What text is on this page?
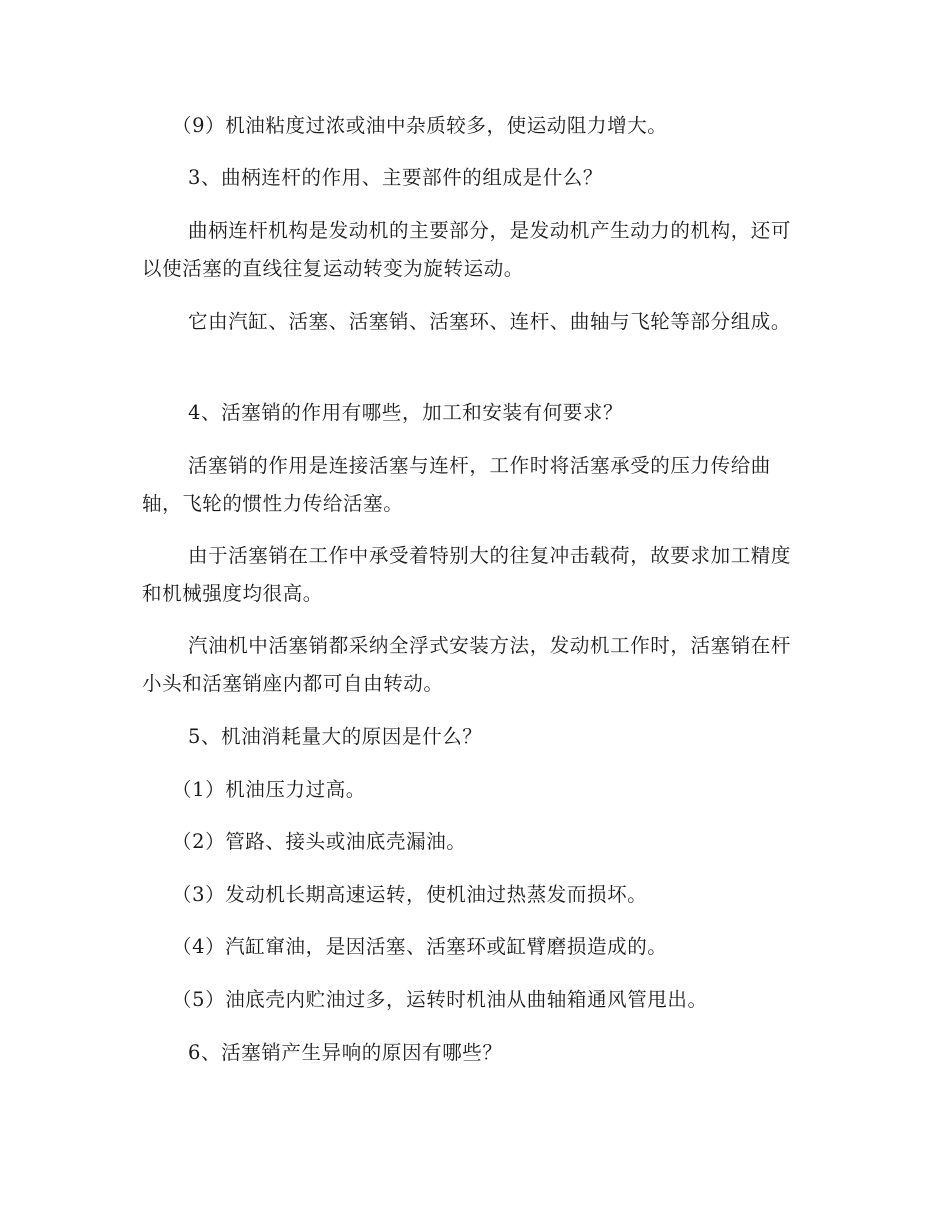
（9）机油粘度过浓或油中杂质较多，使运动阻力增大。

3、曲柄连杆的作用、主要部件的组成是什么？

曲柄连杆机构是发动机的主要部分，是发动机产生动力的机构，还可以使活塞的直线往复运动转变为旋转运动。

它由汽缸、活塞、活塞销、活塞环、连杆、曲轴与飞轮等部分组成。

4、活塞销的作用有哪些，加工和安装有何要求？

活塞销的作用是连接活塞与连杆，工作时将活塞承受的压力传给曲轴，飞轮的惯性力传给活塞。

由于活塞销在工作中承受着特别大的往复冲击载荷，故要求加工精度和机械强度均很高。

汽油机中活塞销都采纳全浮式安装方法，发动机工作时，活塞销在杆小头和活塞销座内都可自由转动。

5、机油消耗量大的原因是什么？

（1）机油压力过高。

（2）管路、接头或油底壳漏油。

（3）发动机长期高速运转，使机油过热蒸发而损坏。

（4）汽缸窜油，是因活塞、活塞环或缸臂磨损造成的。

（5）油底壳内贮油过多，运转时机油从曲轴箱通风管甩出。

6、活塞销产生异响的原因有哪些？
